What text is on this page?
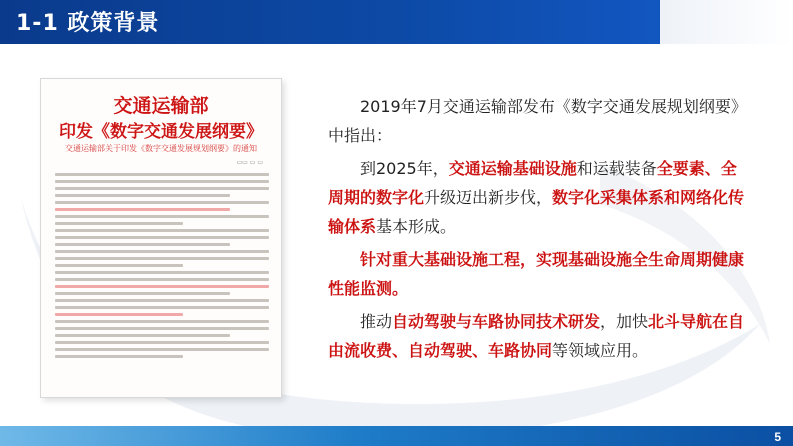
1-1 政策背景
交通运输部
印发《数字交通发展纲要》
交通运输部关于印发《数字交通发展规划纲要》的通知
▭▭ ▭ ▭

2019年7月交通运输部发布《数字交通发展规划纲要》中指出：

到2025年，交通运输基础设施和运载装备全要素、全周期的数字化升级迈出新步伐，数字化采集体系和网络化传输体系基本形成。

针对重大基础设施工程，实现基础设施全生命周期健康性能监测。

推动自动驾驶与车路协同技术研发，加快北斗导航在自由流收费、自动驾驶、车路协同等领域应用。

5
